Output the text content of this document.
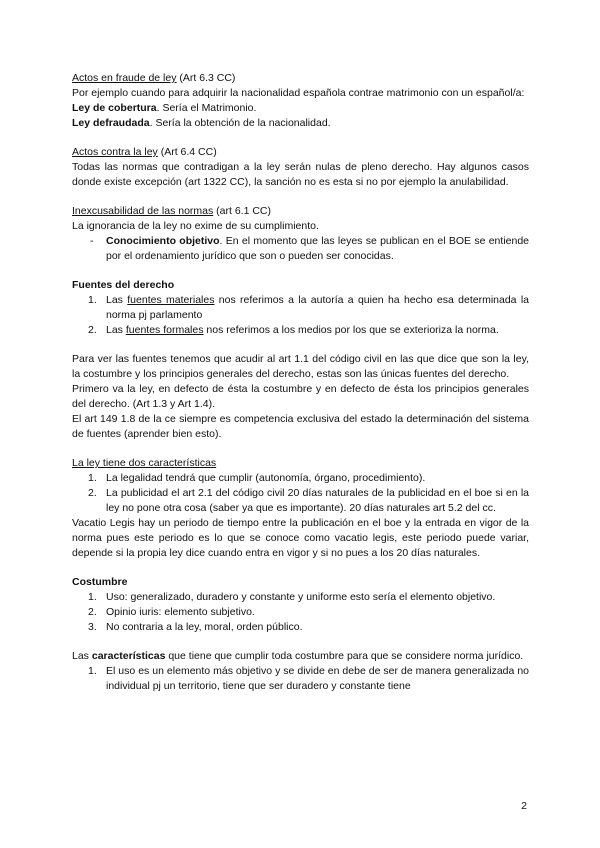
Actos en fraude de ley (Art 6.3 CC)

Por ejemplo cuando para adquirir la nacionalidad española contrae matrimonio con un español/a:

Ley de cobertura. Sería el Matrimonio.

Ley defraudada. Sería la obtención de la nacionalidad.

Actos contra la ley (Art 6.4 CC)

Todas las normas que contradigan a la ley serán nulas de pleno derecho. Hay algunos casos donde existe excepción (art 1322 CC), la sanción no es esta si no por ejemplo la anulabilidad.

Inexcusabilidad de las normas (art 6.1 CC)

La ignorancia de la ley no exime de su cumplimiento.

- Conocimiento objetivo. En el momento que las leyes se publican en el BOE se entiende por el ordenamiento jurídico que son o pueden ser conocidas.

Fuentes del derecho

1. Las fuentes materiales nos referimos a la autoría a quien ha hecho esa determinada la norma pj parlamento
2. Las fuentes formales nos referimos a los medios por los que se exterioriza la norma.

Para ver las fuentes tenemos que acudir al art 1.1 del código civil en las que dice que son la ley, la costumbre y los principios generales del derecho, estas son las únicas fuentes del derecho.

Primero va la ley, en defecto de ésta la costumbre y en defecto de ésta los principios generales del derecho. (Art 1.3 y Art 1.4).

El art 149 1.8 de la ce siempre es competencia exclusiva del estado la determinación del sistema de fuentes (aprender bien esto).

La ley tiene dos características

1. La legalidad tendrá que cumplir (autonomía, órgano, procedimiento).
2. La publicidad el art 2.1 del código civil 20 días naturales de la publicidad en el boe si en la ley no pone otra cosa (saber ya que es importante). 20 días naturales art 5.2 del cc.

Vacatio Legis hay un periodo de tiempo entre la publicación en el boe y la entrada en vigor de la norma pues este periodo es lo que se conoce como vacatio legis, este periodo puede variar, depende si la propia ley dice cuando entra en vigor y si no pues a los 20 días naturales.

Costumbre

1. Uso: generalizado, duradero y constante y uniforme esto sería el elemento objetivo.
2. Opinio iuris: elemento subjetivo.
3. No contraria a la ley, moral, orden público.

Las características que tiene que cumplir toda costumbre para que se considere norma jurídico.

1. El uso es un elemento más objetivo y se divide en debe de ser de manera generalizada no individual pj un territorio, tiene que ser duradero y constante tiene
2
